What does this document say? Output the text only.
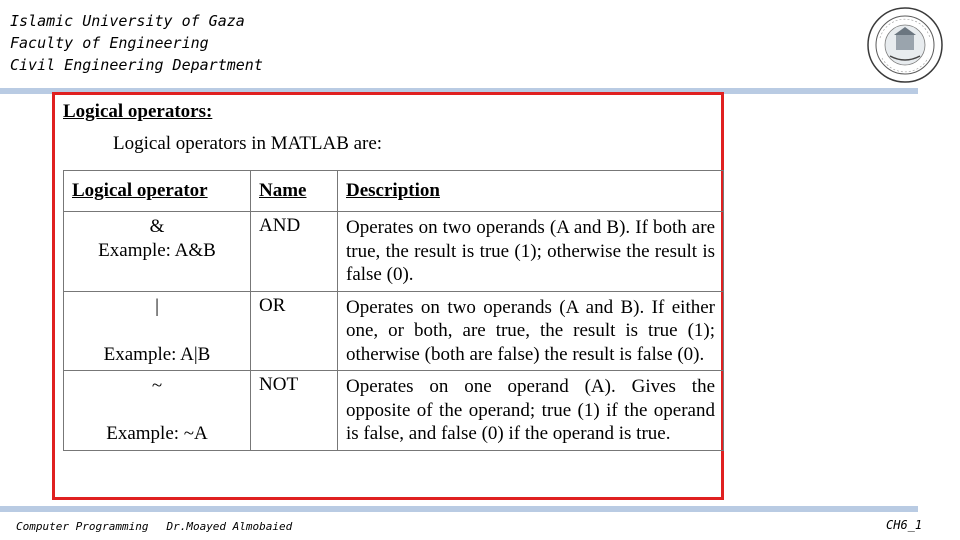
Islamic University of Gaza
Faculty of Engineering
Civil Engineering Department
Logical operators:
Logical operators in MATLAB are:
Logical operator	Name	Description

&
Example: A&B	AND	Operates on two operands (A and B). If both are true, the result is true (1); otherwise the result is false (0).

|

Example: A|B	OR	Operates on two operands (A and B). If either one, or both, are true, the result is true (1); otherwise (both are false) the result is false (0).

~

Example: ~A	NOT	Operates on one operand (A). Gives the opposite of the operand; true (1) if the operand is false, and false (0) if the operand is true.
Computer Programming Dr.Moayed Almobaied	CH6_1
